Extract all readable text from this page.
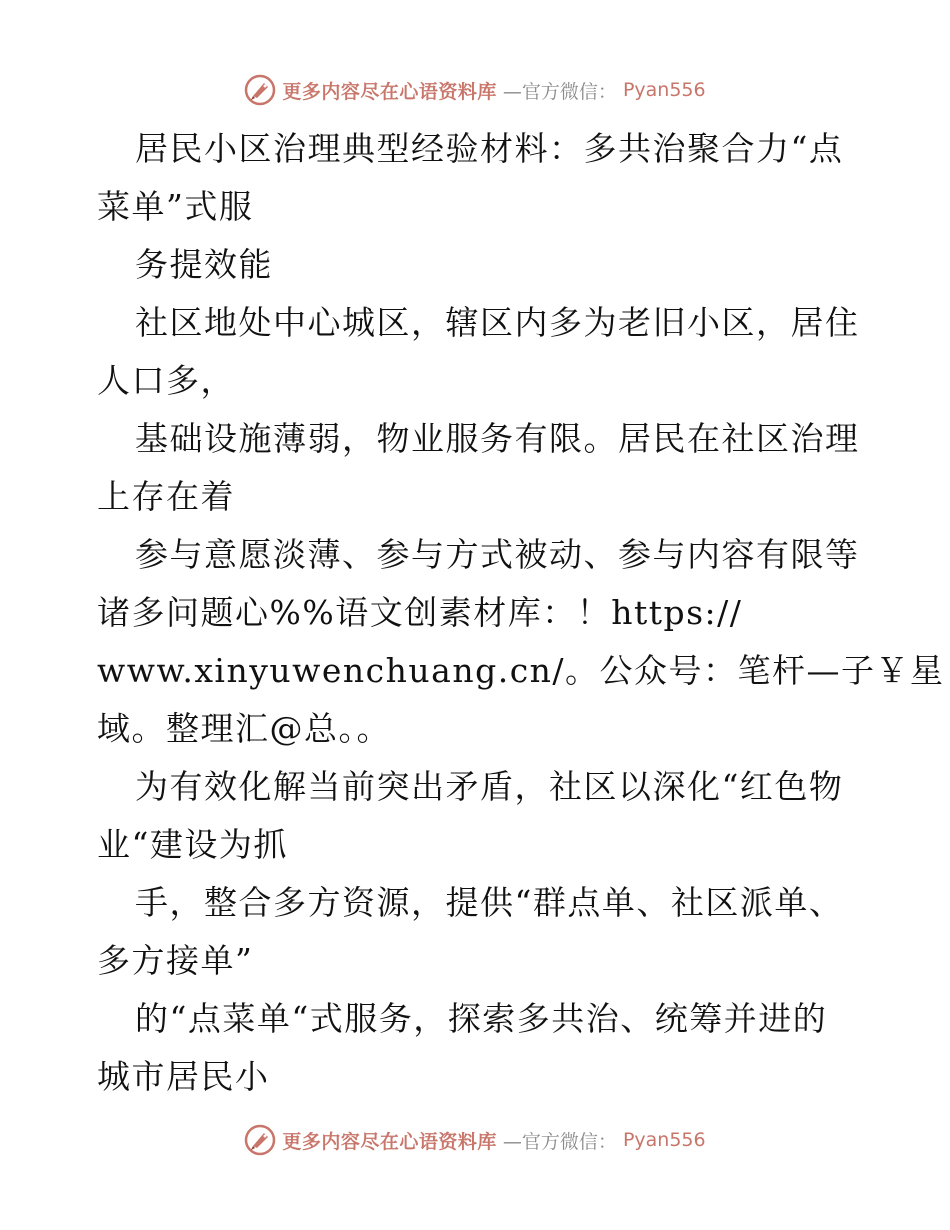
更多内容尽在心语资料库 —官方微信： Pyan556
居民小区治理典型经验材料：多共治聚合力“点
菜单”式服
务提效能
社区地处中心城区，辖区内多为老旧小区，居住
人口多，
基础设施薄弱，物业服务有限。居民在社区治理
上存在着
参与意愿淡薄、参与方式被动、参与内容有限等
诸多问题心%%语文创素材库：！https://
www.xinyuwenchuang.cn/。公众号：笔杆—子￥星
域。整理汇@总。。
为有效化解当前突出矛盾，社区以深化“红色物
业“建设为抓
手，整合多方资源，提供“群点单、社区派单、
多方接单”
的“点菜单“式服务，探索多共治、统筹并进的
城市居民小
更多内容尽在心语资料库 —官方微信： Pyan556
